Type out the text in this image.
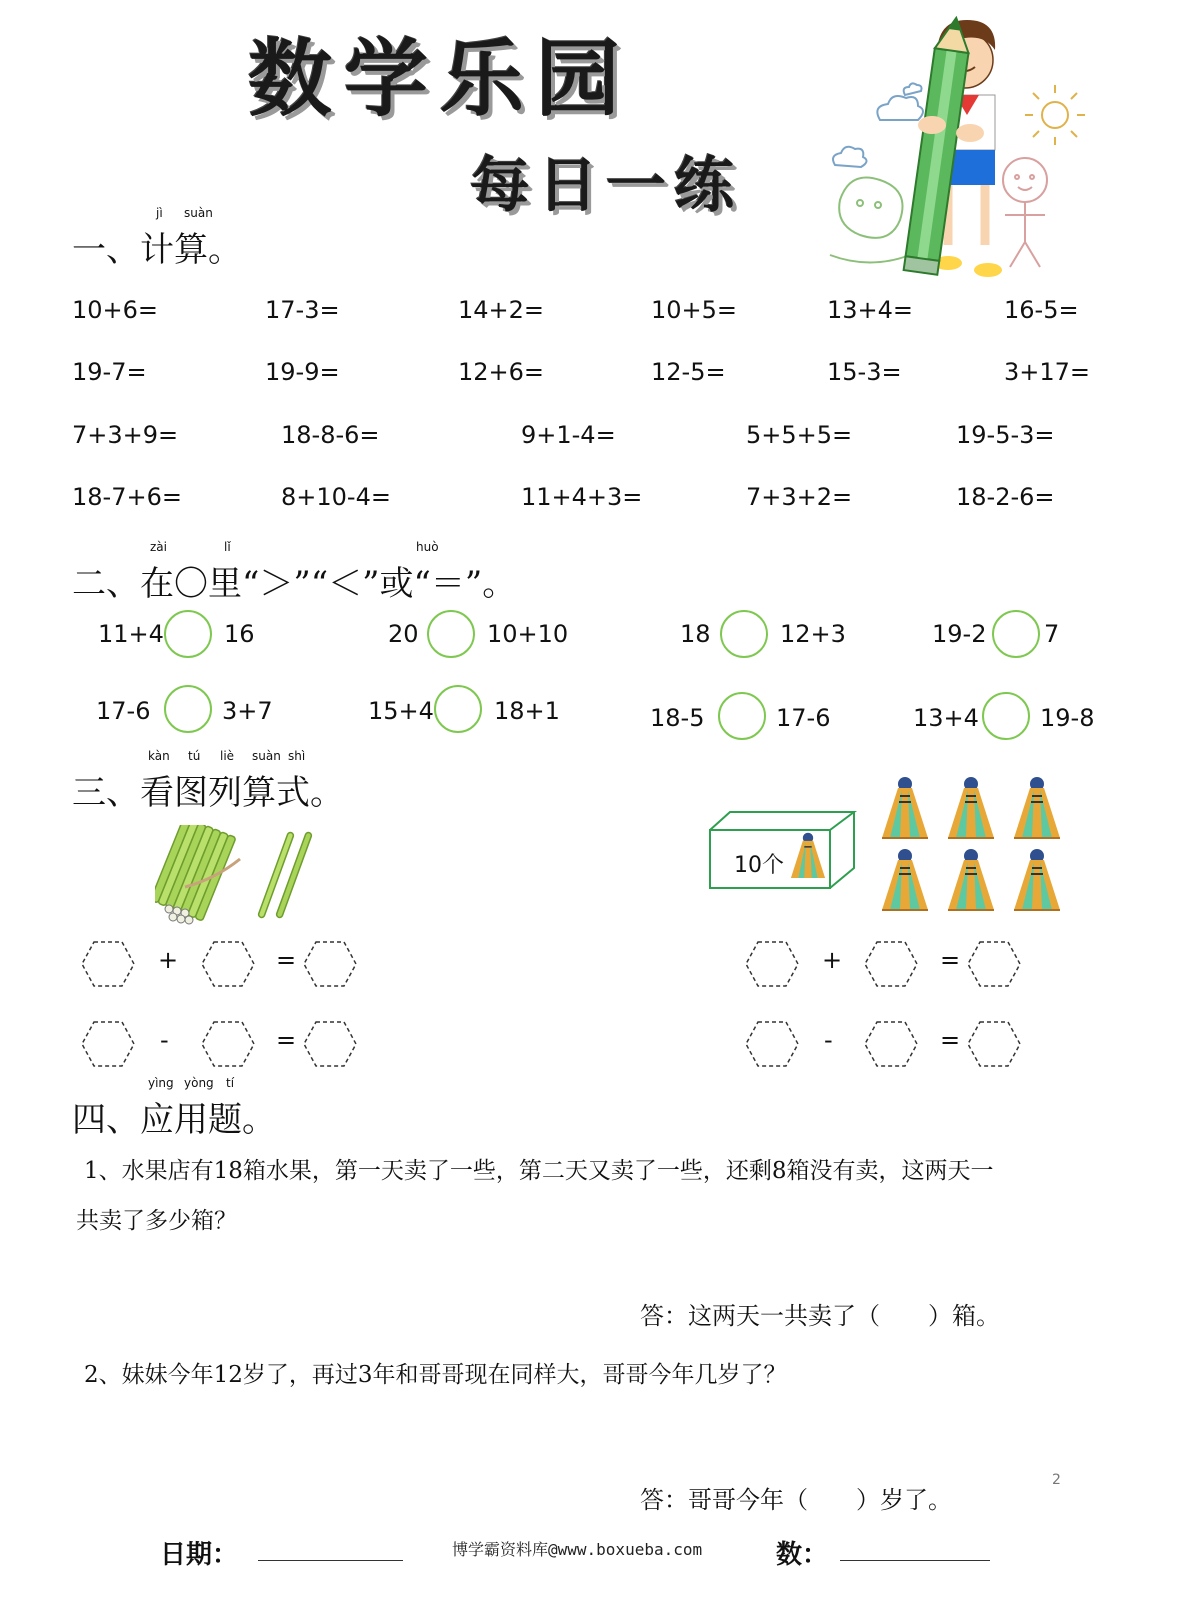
数学乐园
每日一练
jì suàn
一、计算。
10+6=	17-3=	14+2=	10+5=	13+4=	16-5=
19-7=	19-9=	12+6=	12-5=	15-3=	3+17=
7+3+9=	18-8-6=	9+1-4=	5+5+5=	19-5-3=
18-7+6=	8+10-4=	11+4+3=	7+3+2=	18-2-6=
zài	lǐ	huò
二、在〇里“＞”“＜”或“＝”。
11+4	16	20	10+10	18	12+3	19-2 7
17-6	3+7	15+4	18+1	18-5	17-6	13+4	19-8
kàn tú liè suàn shì
三、看图列算式。
10个
+	=
-	=
+	=
-	=
yìng yòng tí
四、应用题。
1、水果店有18箱水果，第一天卖了一些，第二天又卖了一些，还剩8箱没有卖，这两天一
共卖了多少箱？
答：这两天一共卖了（　　）箱。
2、妹妹今年12岁了，再过3年和哥哥现在同样大，哥哥今年几岁了？
答：哥哥今年（　　）岁了。
2
日期：	博学霸资料库@www.boxueba.com	数：
